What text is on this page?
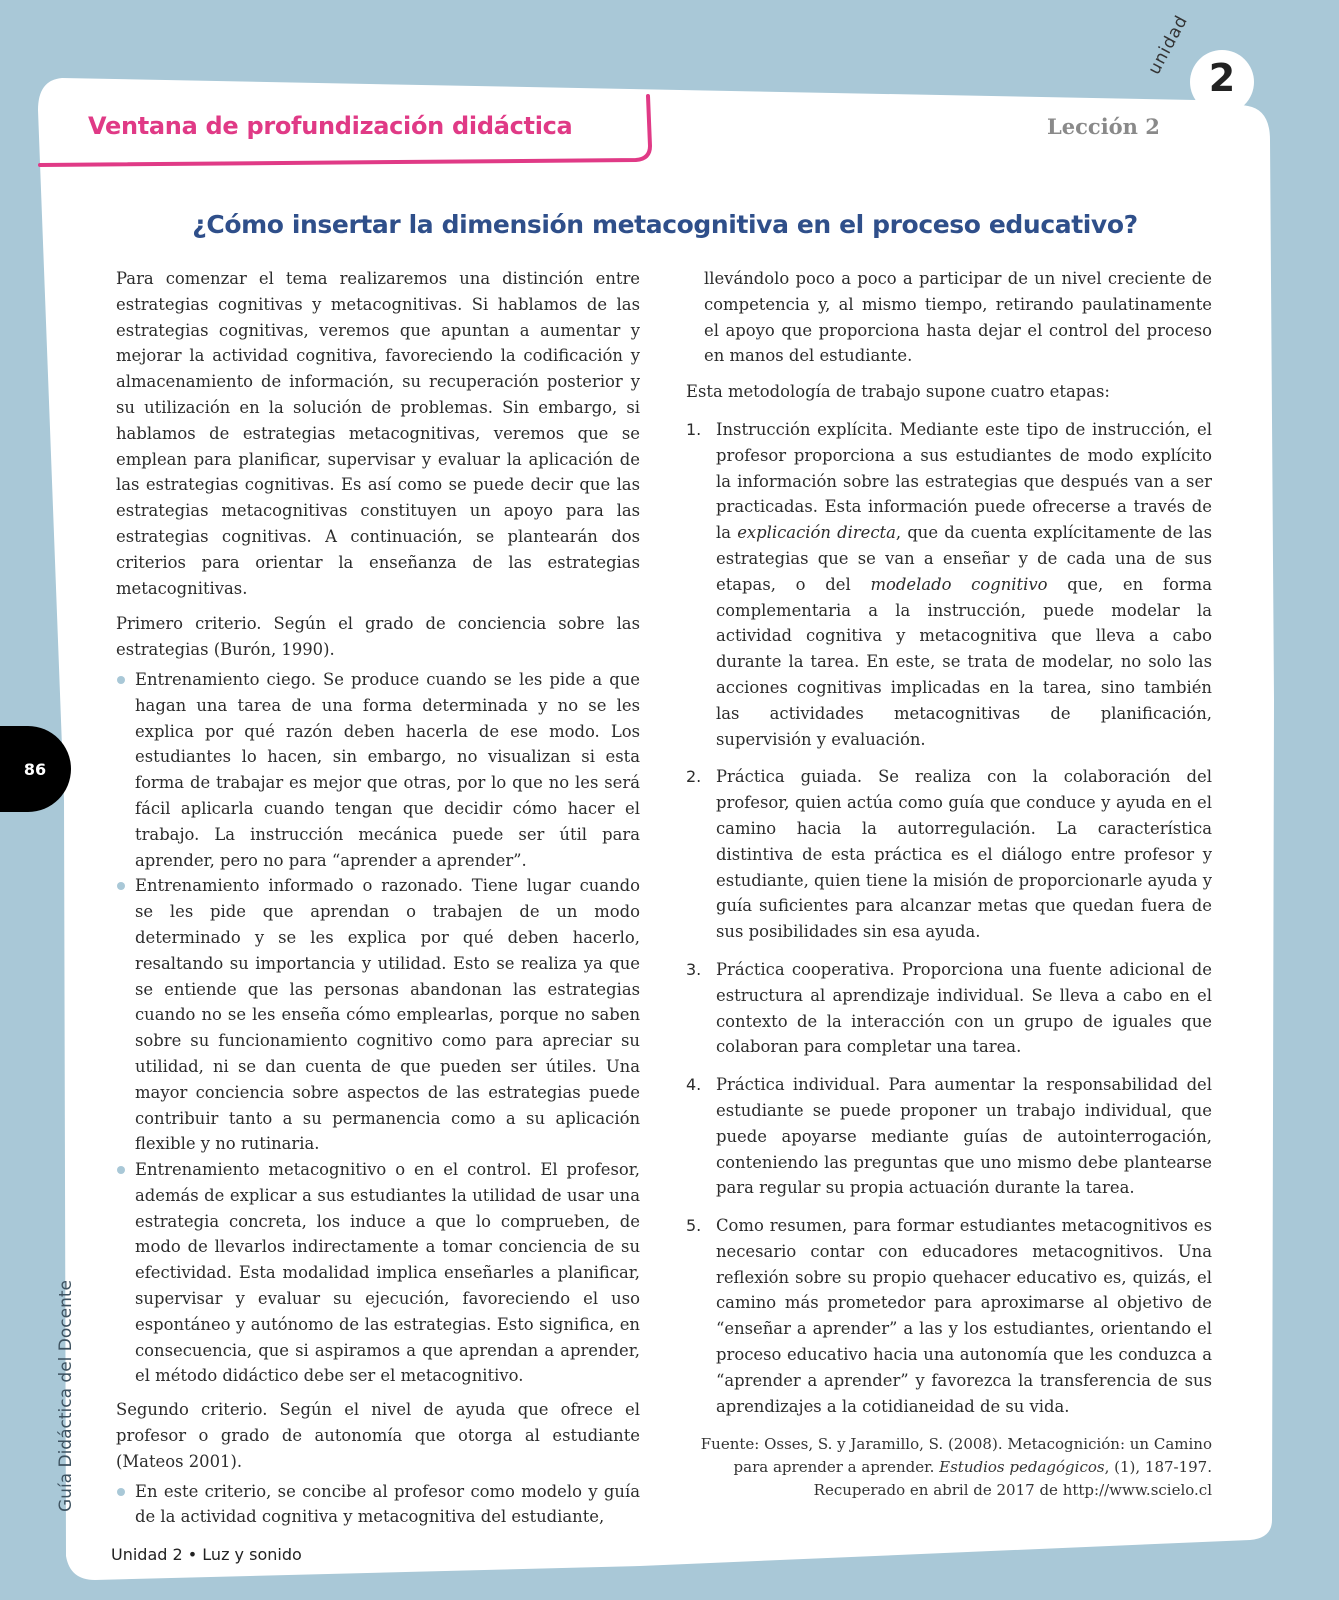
unidad 2
Ventana de profundización didáctica	Lección 2
¿Cómo insertar la dimensión metacognitiva en el proceso educativo?

Para comenzar el tema realizaremos una distinción entre estrategias cognitivas y metacognitivas. Si hablamos de las estrategias cognitivas, veremos que apuntan a aumentar y mejorar la actividad cognitiva, favoreciendo la codificación y almacenamiento de información, su recuperación posterior y su utilización en la solución de problemas. Sin embargo, si hablamos de estrategias metacognitivas, veremos que se emplean para planificar, supervisar y evaluar la aplicación de las estrategias cognitivas. Es así como se puede decir que las estrategias metacognitivas constituyen un apoyo para las estrategias cognitivas. A continuación, se plantearán dos criterios para orientar la enseñanza de las estrategias metacognitivas.

Primero criterio. Según el grado de conciencia sobre las estrategias (Burón, 1990).

Entrenamiento ciego. Se produce cuando se les pide a que hagan una tarea de una forma determinada y no se les explica por qué razón deben hacerla de ese modo. Los estudiantes lo hacen, sin embargo, no visualizan si esta forma de trabajar es mejor que otras, por lo que no les será fácil aplicarla cuando tengan que decidir cómo hacer el trabajo. La instrucción mecánica puede ser útil para aprender, pero no para “aprender a aprender”.
Entrenamiento informado o razonado. Tiene lugar cuando se les pide que aprendan o trabajen de un modo determinado y se les explica por qué deben hacerlo, resaltando su importancia y utilidad. Esto se realiza ya que se entiende que las personas abandonan las estrategias cuando no se les enseña cómo emplearlas, porque no saben sobre su funcionamiento cognitivo como para apreciar su utilidad, ni se dan cuenta de que pueden ser útiles. Una mayor conciencia sobre aspectos de las estrategias puede contribuir tanto a su permanencia como a su aplicación flexible y no rutinaria.
Entrenamiento metacognitivo o en el control. El profesor, además de explicar a sus estudiantes la utilidad de usar una estrategia concreta, los induce a que lo comprueben, de modo de llevarlos indirectamente a tomar conciencia de su efectividad. Esta modalidad implica enseñarles a planificar, supervisar y evaluar su ejecución, favoreciendo el uso espontáneo y autónomo de las estrategias. Esto significa, en consecuencia, que si aspiramos a que aprendan a aprender, el método didáctico debe ser el metacognitivo.

Segundo criterio. Según el nivel de ayuda que ofrece el profesor o grado de autonomía que otorga al estudiante (Mateos 2001).

En este criterio, se concibe al profesor como modelo y guía de la actividad cognitiva y metacognitiva del estudiante,

llevándolo poco a poco a participar de un nivel creciente de competencia y, al mismo tiempo, retirando paulatinamente el apoyo que proporciona hasta dejar el control del proceso en manos del estudiante.

Esta metodología de trabajo supone cuatro etapas:

1. Instrucción explícita. Mediante este tipo de instrucción, el profesor proporciona a sus estudiantes de modo explícito la información sobre las estrategias que después van a ser practicadas. Esta información puede ofrecerse a través de la explicación directa, que da cuenta explícitamente de las estrategias que se van a enseñar y de cada una de sus etapas, o del modelado cognitivo que, en forma complementaria a la instrucción, puede modelar la actividad cognitiva y metacognitiva que lleva a cabo durante la tarea. En este, se trata de modelar, no solo las acciones cognitivas implicadas en la tarea, sino también las actividades metacognitivas de planificación, supervisión y evaluación.
2. Práctica guiada. Se realiza con la colaboración del profesor, quien actúa como guía que conduce y ayuda en el camino hacia la autorregulación. La característica distintiva de esta práctica es el diálogo entre profesor y estudiante, quien tiene la misión de proporcionarle ayuda y guía suficientes para alcanzar metas que quedan fuera de sus posibilidades sin esa ayuda.
3. Práctica cooperativa. Proporciona una fuente adicional de estructura al aprendizaje individual. Se lleva a cabo en el contexto de la interacción con un grupo de iguales que colaboran para completar una tarea.
4. Práctica individual. Para aumentar la responsabilidad del estudiante se puede proponer un trabajo individual, que puede apoyarse mediante guías de autointerrogación, conteniendo las preguntas que uno mismo debe plantearse para regular su propia actuación durante la tarea.
5. Como resumen, para formar estudiantes metacognitivos es necesario contar con educadores metacognitivos. Una reflexión sobre su propio quehacer educativo es, quizás, el camino más prometedor para aproximarse al objetivo de “enseñar a aprender” a las y los estudiantes, orientando el proceso educativo hacia una autonomía que les conduzca a “aprender a aprender” y favorezca la transferencia de sus aprendizajes a la cotidianeidad de su vida.
Fuente: Osses, S. y Jaramillo, S. (2008). Metacognición: un Camino
para aprender a aprender. Estudios pedagógicos, (1), 187-197.
Recuperado en abril de 2017 de http://www.scielo.cl
86
Guía Didáctica del Docente
Unidad 2 • Luz y sonido
